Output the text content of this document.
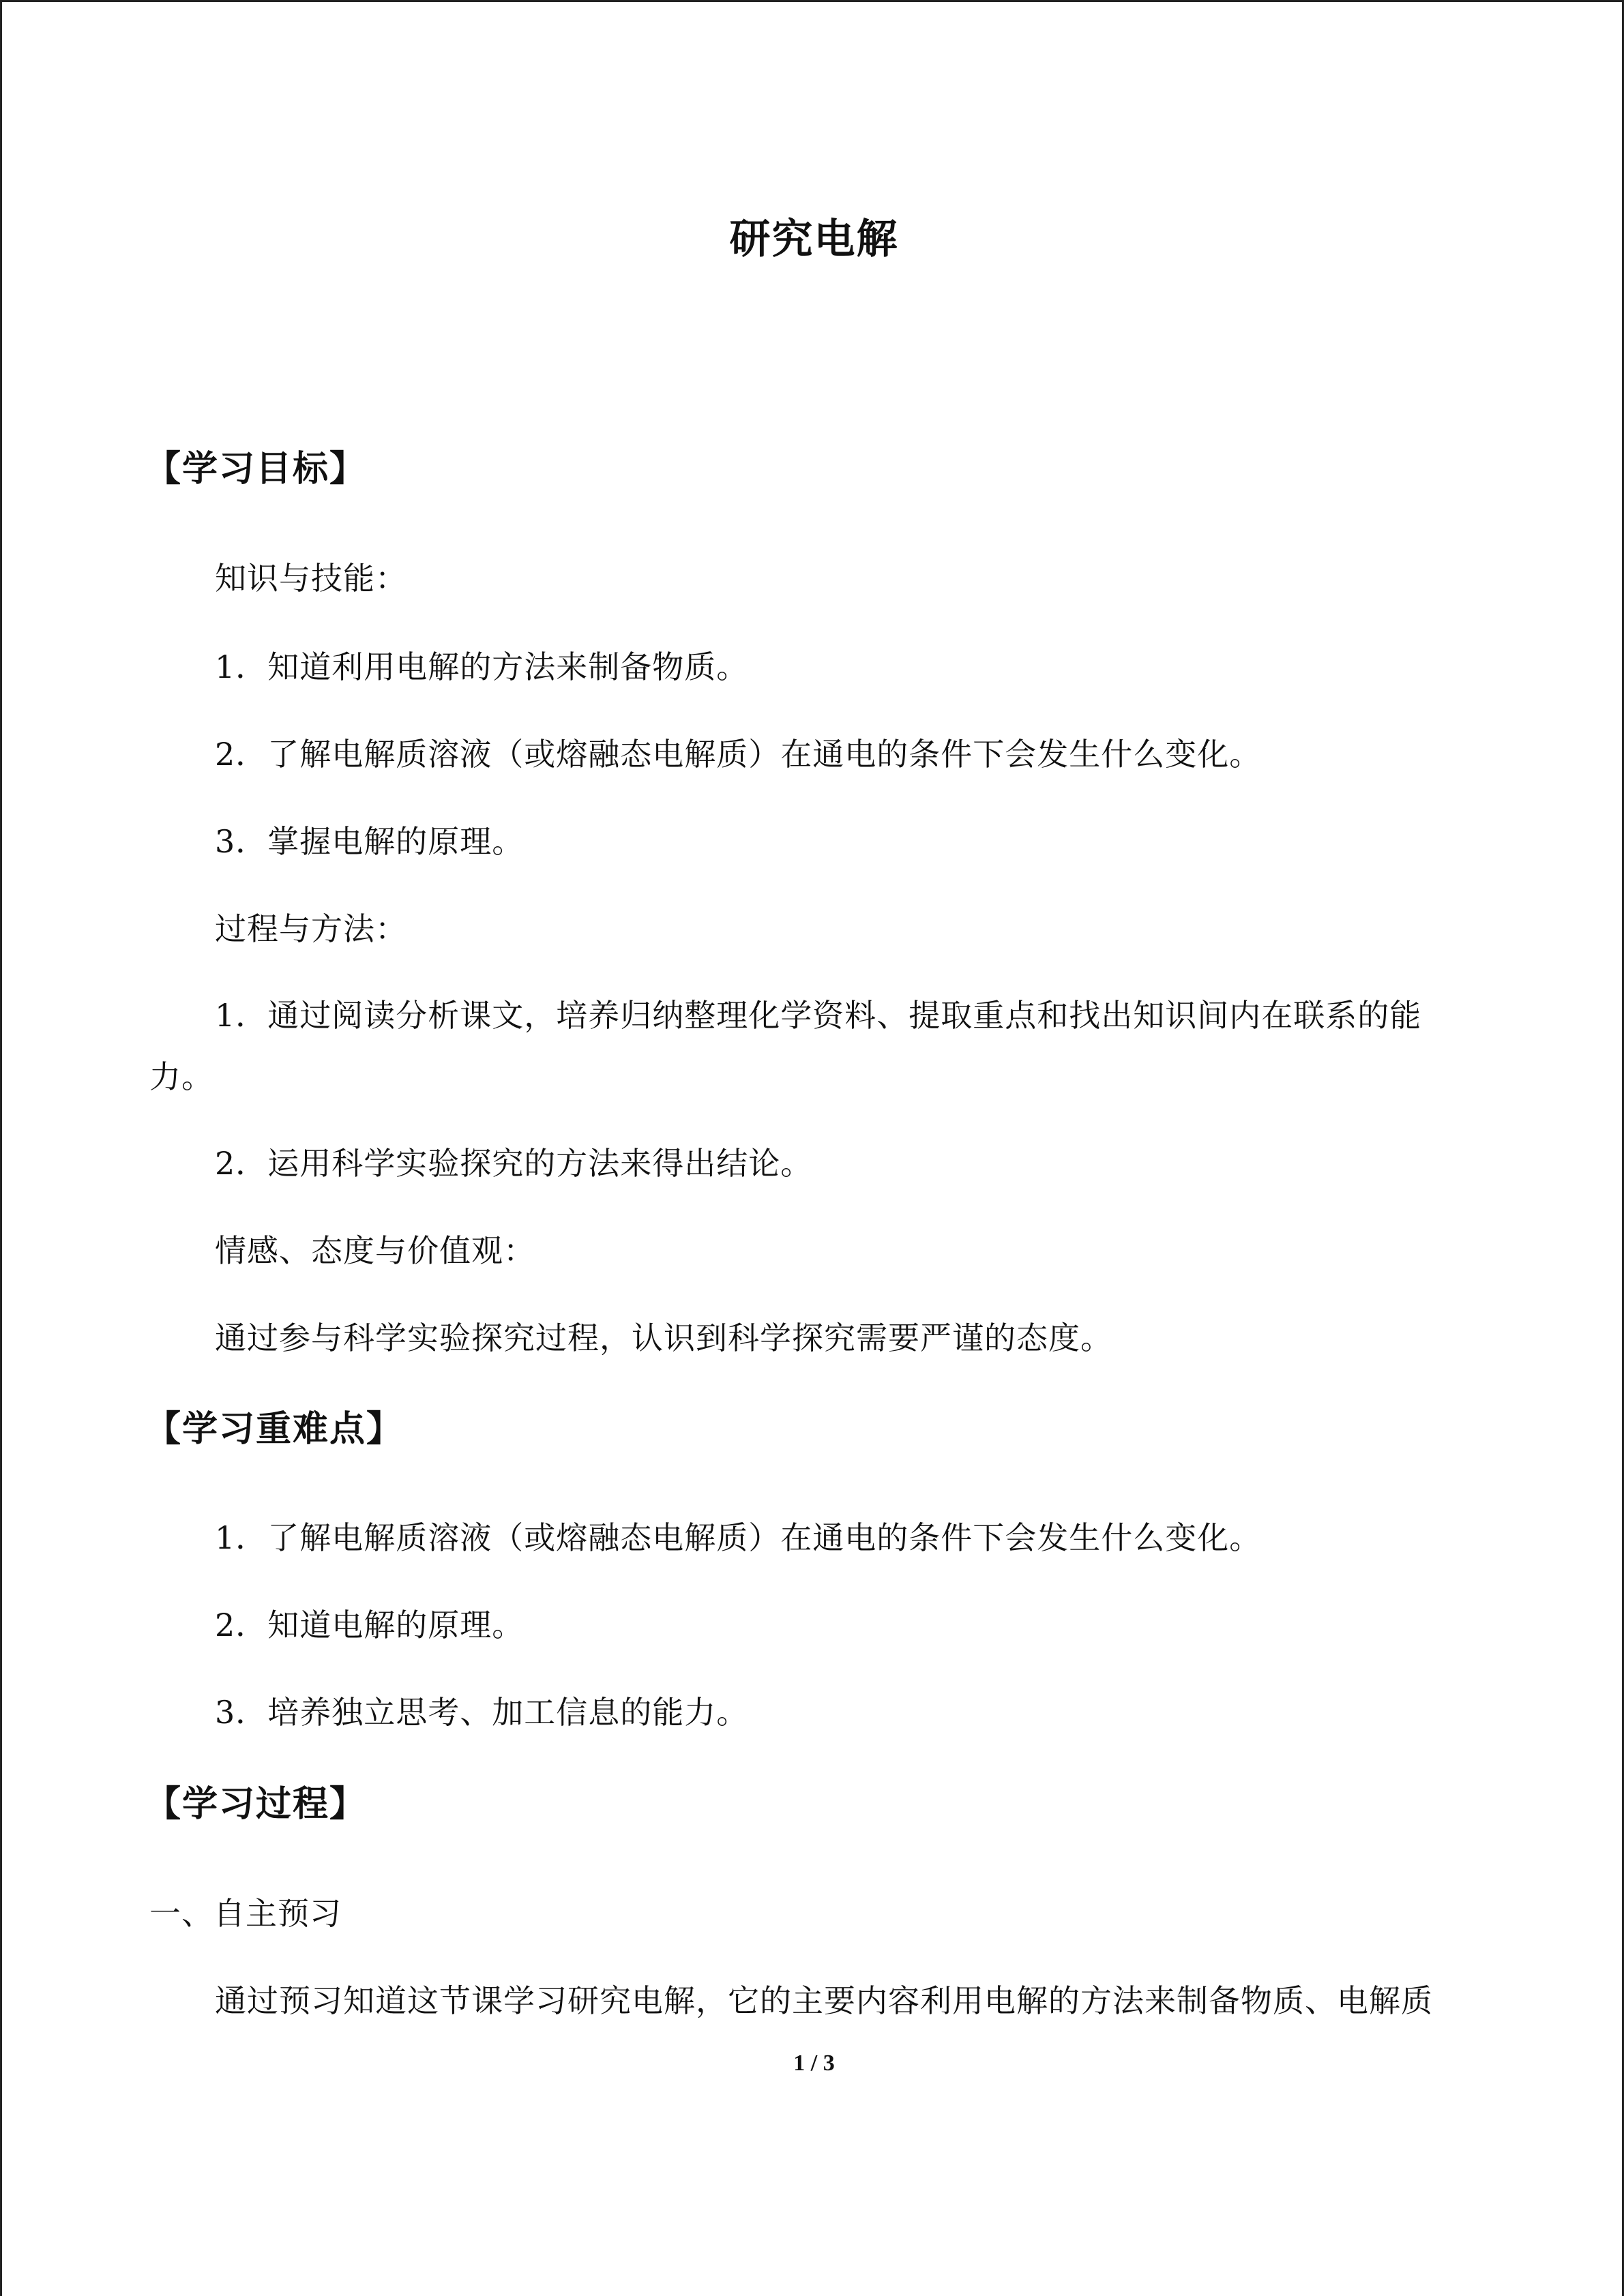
研究电解
【学习目标】
知识与技能：
1．知道利用电解的方法来制备物质。
2．了解电解质溶液（或熔融态电解质）在通电的条件下会发生什么变化。
3．掌握电解的原理。
过程与方法：
1．通过阅读分析课文，培养归纳整理化学资料、提取重点和找出知识间内在联系的能力。
2．运用科学实验探究的方法来得出结论。
情感、态度与价值观：
通过参与科学实验探究过程，认识到科学探究需要严谨的态度。
【学习重难点】
1．了解电解质溶液（或熔融态电解质）在通电的条件下会发生什么变化。
2．知道电解的原理。
3．培养独立思考、加工信息的能力。
【学习过程】
一、自主预习
通过预习知道这节课学习研究电解，它的主要内容利用电解的方法来制备物质、电解质
1 / 3
